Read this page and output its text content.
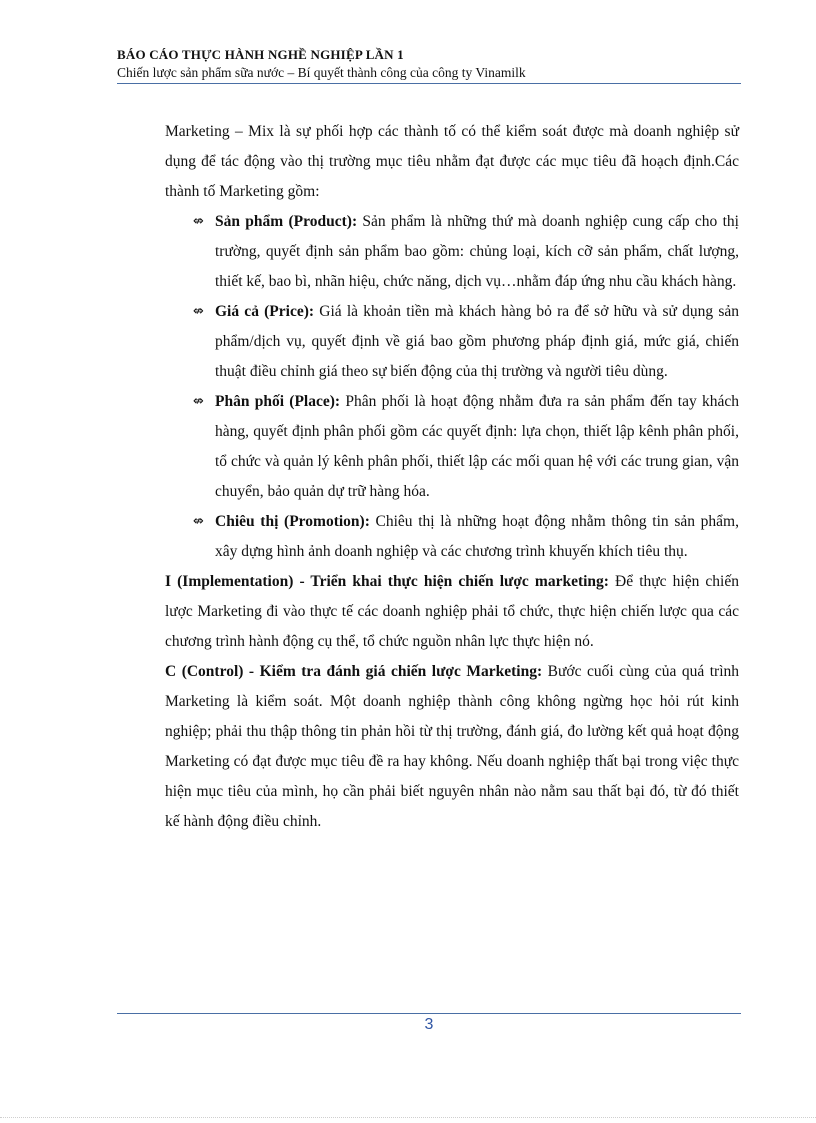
BÁO CÁO THỰC HÀNH NGHỀ NGHIỆP LẦN 1
Chiến lược sản phẩm sữa nước – Bí quyết thành công của công ty Vinamilk

Marketing – Mix là sự phối hợp các thành tố có thể kiểm soát được mà doanh nghiệp sử dụng để tác động vào thị trường mục tiêu nhằm đạt được các mục tiêu đã hoạch định.Các thành tố Marketing gồm:

⇎ Sản phẩm (Product): Sản phẩm là những thứ mà doanh nghiệp cung cấp cho thị trường, quyết định sản phẩm bao gồm: chủng loại, kích cỡ sản phẩm, chất lượng, thiết kế, bao bì, nhãn hiệu, chức năng, dịch vụ…nhằm đáp ứng nhu cầu khách hàng.
⇎ Giá cả (Price): Giá là khoản tiền mà khách hàng bỏ ra để sở hữu và sử dụng sản phẩm/dịch vụ, quyết định về giá bao gồm phương pháp định giá, mức giá, chiến thuật điều chỉnh giá theo sự biến động của thị trường và người tiêu dùng.
⇎ Phân phối (Place): Phân phối là hoạt động nhằm đưa ra sản phẩm đến tay khách hàng, quyết định phân phối gồm các quyết định: lựa chọn, thiết lập kênh phân phối, tổ chức và quản lý kênh phân phối, thiết lập các mối quan hệ với các trung gian, vận chuyển, bảo quản dự trữ hàng hóa.
⇎ Chiêu thị (Promotion): Chiêu thị là những hoạt động nhằm thông tin sản phẩm, xây dựng hình ảnh doanh nghiệp và các chương trình khuyến khích tiêu thụ.

I (Implementation) - Triển khai thực hiện chiến lược marketing: Để thực hiện chiến lược Marketing đi vào thực tế các doanh nghiệp phải tổ chức, thực hiện chiến lược qua các chương trình hành động cụ thể, tổ chức nguồn nhân lực thực hiện nó.

C (Control) - Kiểm tra đánh giá chiến lược Marketing: Bước cuối cùng của quá trình Marketing là kiểm soát. Một doanh nghiệp thành công không ngừng học hỏi rút kinh nghiệp; phải thu thập thông tin phản hồi từ thị trường, đánh giá, đo lường kết quả hoạt động Marketing có đạt được mục tiêu đề ra hay không. Nếu doanh nghiệp thất bại trong việc thực hiện mục tiêu của mình, họ cần phải biết nguyên nhân nào nằm sau thất bại đó, từ đó thiết kế hành động điều chỉnh.

3
